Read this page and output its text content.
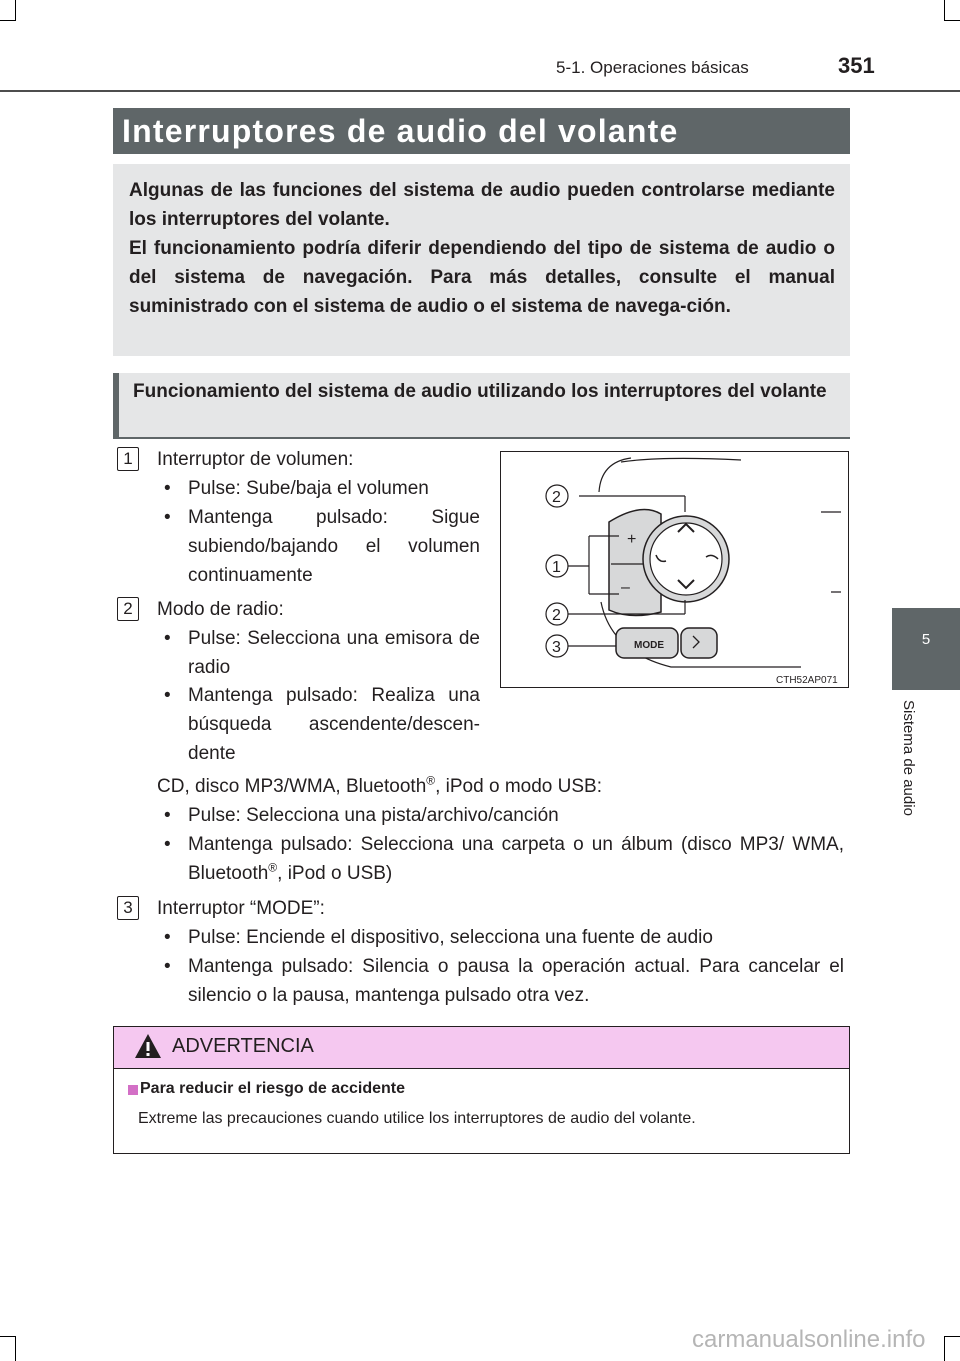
5-1. Operaciones básicas	351
5
Sistema de audio
Interruptores de audio del volante

Algunas de las funciones del sistema de audio pueden controlarse mediante los interruptores del volante.

El funcionamiento podría diferir dependiendo del tipo de sistema de audio o del sistema de navegación. Para más detalles, consulte el manual suministrado con el sistema de audio o el sistema de navega-ción.

Funcionamiento del sistema de audio utilizando los interruptores del volante
1	Interruptor de volumen:
• Pulse: Sube/baja el volumen
• Mantenga pulsado: Sigue subiendo/bajando el volumen continuamente
2	Modo de radio:
• Pulse: Selecciona una emisora de radio
• Mantenga pulsado: Realiza una búsqueda ascendente/descen-dente
CD, disco MP3/WMA, Bluetooth®, iPod o modo USB:
• Pulse: Selecciona una pista/archivo/canción
• Mantenga pulsado: Selecciona una carpeta o un álbum (disco MP3/ WMA, Bluetooth®, iPod o USB)
3	Interruptor “MODE”:
• Pulse: Enciende el dispositivo, selecciona una fuente de audio
• Mantenga pulsado: Silencia o pausa la operación actual. Para cancelar el silencio o la pausa, mantenga pulsado otra vez.
+
–
MODE
2
1
2
3
CTH52AP071
ADVERTENCIA
Para reducir el riesgo de accidente
Extreme las precauciones cuando utilice los interruptores de audio del volante.
carmanualsonline.info
